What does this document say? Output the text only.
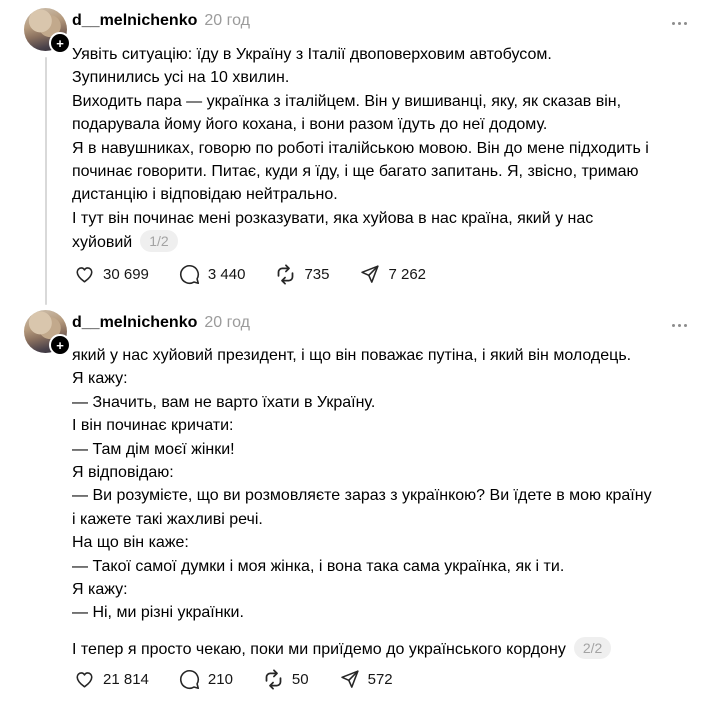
+
d__melnichenko 20 год
Уявіть ситуацію: їду в Україну з Італії двоповерховим автобусом.
Зупинились усі на 10 хвилин.
Виходить пара — українка з італійцем. Він у вишиванці, яку, як сказав він,
подарувала йому його кохана, і вони разом їдуть до неї додому.
Я в навушниках, говорю по роботі італійською мовою. Він до мене підходить і
починає говорити. Питає, куди я їду, і ще багато запитань. Я, звісно, тримаю
дистанцію і відповідаю нейтрально.
І тут він починає мені розказувати, яка хуйова в нас країна, який у нас
хуйовий 1/2
30 699	3 440	735	7 262
+
d__melnichenko 20 год
який у нас хуйовий президент, і що він поважає путіна, і який він молодець.
Я кажу:
— Значить, вам не варто їхати в Україну.
І він починає кричати:
— Там дім моєї жінки!
Я відповідаю:
— Ви розумієте, що ви розмовляєте зараз з українкою? Ви їдете в мою країну
і кажете такі жахливі речі.
На що він каже:
— Такої самої думки і моя жінка, і вона така сама українка, як і ти.
Я кажу:
— Ні, ми різні українки.
І тепер я просто чекаю, поки ми приїдемо до українського кордону 2/2
21 814	210	50	572
